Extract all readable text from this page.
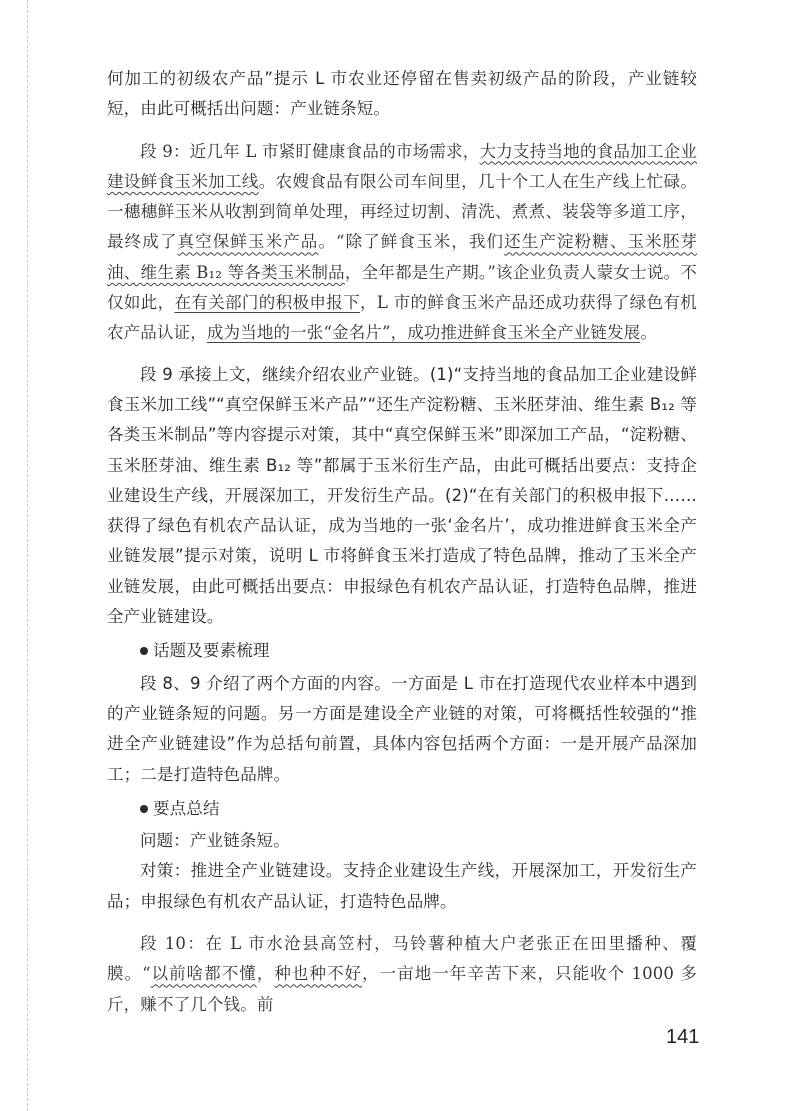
何加工的初级农产品”提示 L 市农业还停留在售卖初级产品的阶段，产业链较短，由此可概括出问题：产业链条短。

段 9：近几年 L 市紧盯健康食品的市场需求，大力支持当地的食品加工企业建设鲜食玉米加工线。农嫂食品有限公司车间里，几十个工人在生产线上忙碌。一穗穗鲜玉米从收割到简单处理，再经过切割、清洗、煮煮、装袋等多道工序，最终成了真空保鲜玉米产品。“除了鲜食玉米，我们还生产淀粉糖、玉米胚芽油、维生素 B₁₂ 等各类玉米制品，全年都是生产期。”该企业负责人蒙女士说。不仅如此，在有关部门的积极申报下，L 市的鲜食玉米产品还成功获得了绿色有机农产品认证，成为当地的一张“金名片”，成功推进鲜食玉米全产业链发展。

段 9 承接上文，继续介绍农业产业链。(1)“支持当地的食品加工企业建设鲜食玉米加工线”“真空保鲜玉米产品”“还生产淀粉糖、玉米胚芽油、维生素 B₁₂ 等各类玉米制品”等内容提示对策，其中“真空保鲜玉米”即深加工产品，“淀粉糖、玉米胚芽油、维生素 B₁₂ 等”都属于玉米衍生产品，由此可概括出要点：支持企业建设生产线，开展深加工，开发衍生产品。(2)“在有关部门的积极申报下……获得了绿色有机农产品认证，成为当地的一张‘金名片’，成功推进鲜食玉米全产业链发展”提示对策，说明 L 市将鲜食玉米打造成了特色品牌，推动了玉米全产业链发展，由此可概括出要点：申报绿色有机农产品认证，打造特色品牌，推进全产业链建设。

话题及要素梳理

段 8、9 介绍了两个方面的内容。一方面是 L 市在打造现代农业样本中遇到的产业链条短的问题。另一方面是建设全产业链的对策，可将概括性较强的“推进全产业链建设”作为总括句前置，具体内容包括两个方面：一是开展产品深加工；二是打造特色品牌。

要点总结

问题：产业链条短。

对策：推进全产业链建设。支持企业建设生产线，开展深加工，开发衍生产品；申报绿色有机农产品认证，打造特色品牌。

段 10：在 L 市水沧县高笠村，马铃薯种植大户老张正在田里播种、覆膜。“以前啥都不懂，种也种不好，一亩地一年辛苦下来，只能收个 1000 多斤，赚不了几个钱。前

141
